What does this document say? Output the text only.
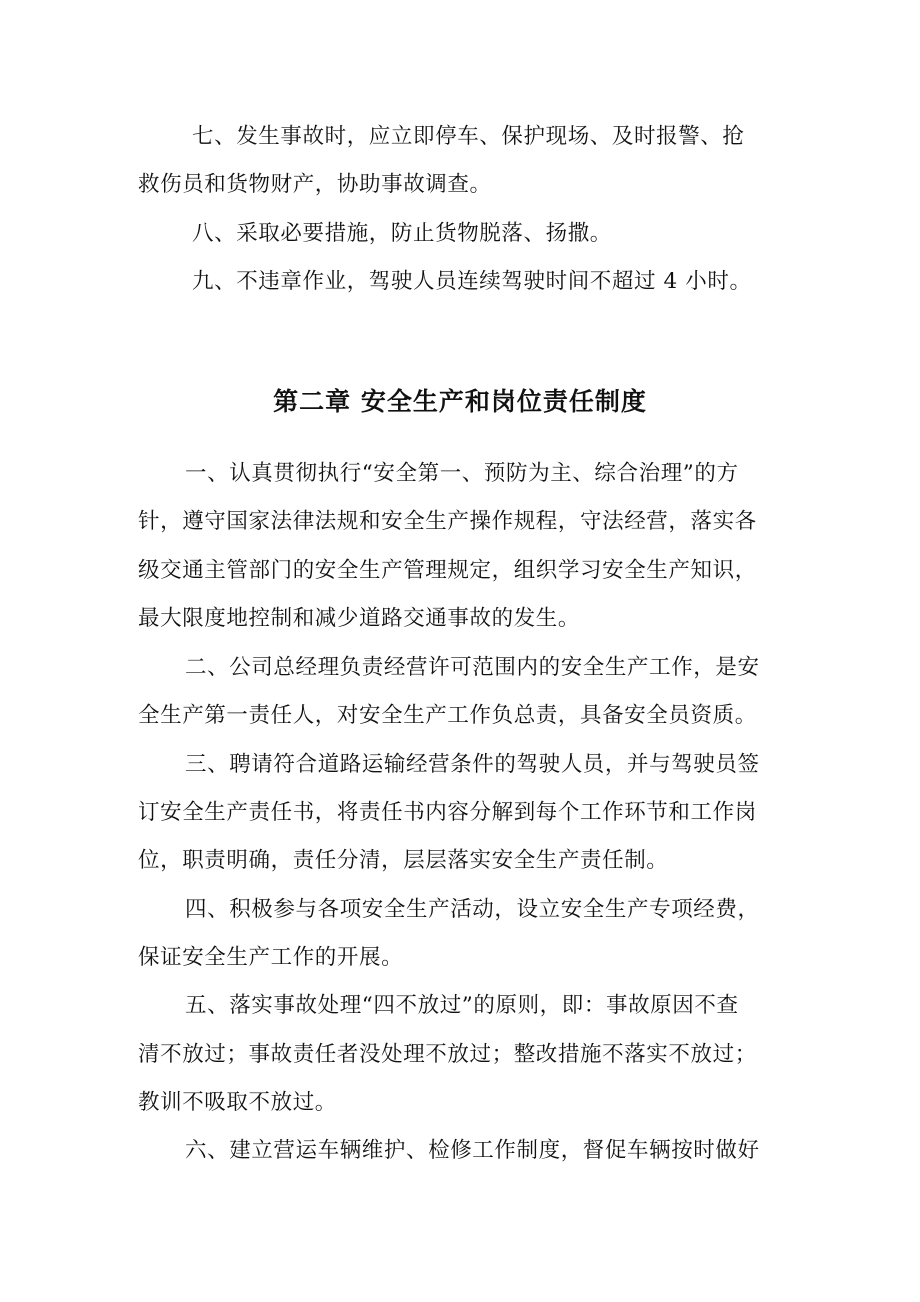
七、发生事故时，应立即停车、保护现场、及时报警、抢
救伤员和货物财产，协助事故调查。
八、采取必要措施，防止货物脱落、扬撒。
九、不违章作业，驾驶人员连续驾驶时间不超过 4 小时。
第二章 安全生产和岗位责任制度
一、认真贯彻执行“安全第一、预防为主、综合治理”的方
针，遵守国家法律法规和安全生产操作规程，守法经营，落实各
级交通主管部门的安全生产管理规定，组织学习安全生产知识，
最大限度地控制和减少道路交通事故的发生。
二、公司总经理负责经营许可范围内的安全生产工作，是安
全生产第一责任人，对安全生产工作负总责，具备安全员资质。
三、聘请符合道路运输经营条件的驾驶人员，并与驾驶员签
订安全生产责任书，将责任书内容分解到每个工作环节和工作岗
位，职责明确，责任分清，层层落实安全生产责任制。
四、积极参与各项安全生产活动，设立安全生产专项经费，
保证安全生产工作的开展。
五、落实事故处理“四不放过”的原则，即：事故原因不查
清不放过；事故责任者没处理不放过；整改措施不落实不放过；
教训不吸取不放过。
六、建立营运车辆维护、检修工作制度，督促车辆按时做好
